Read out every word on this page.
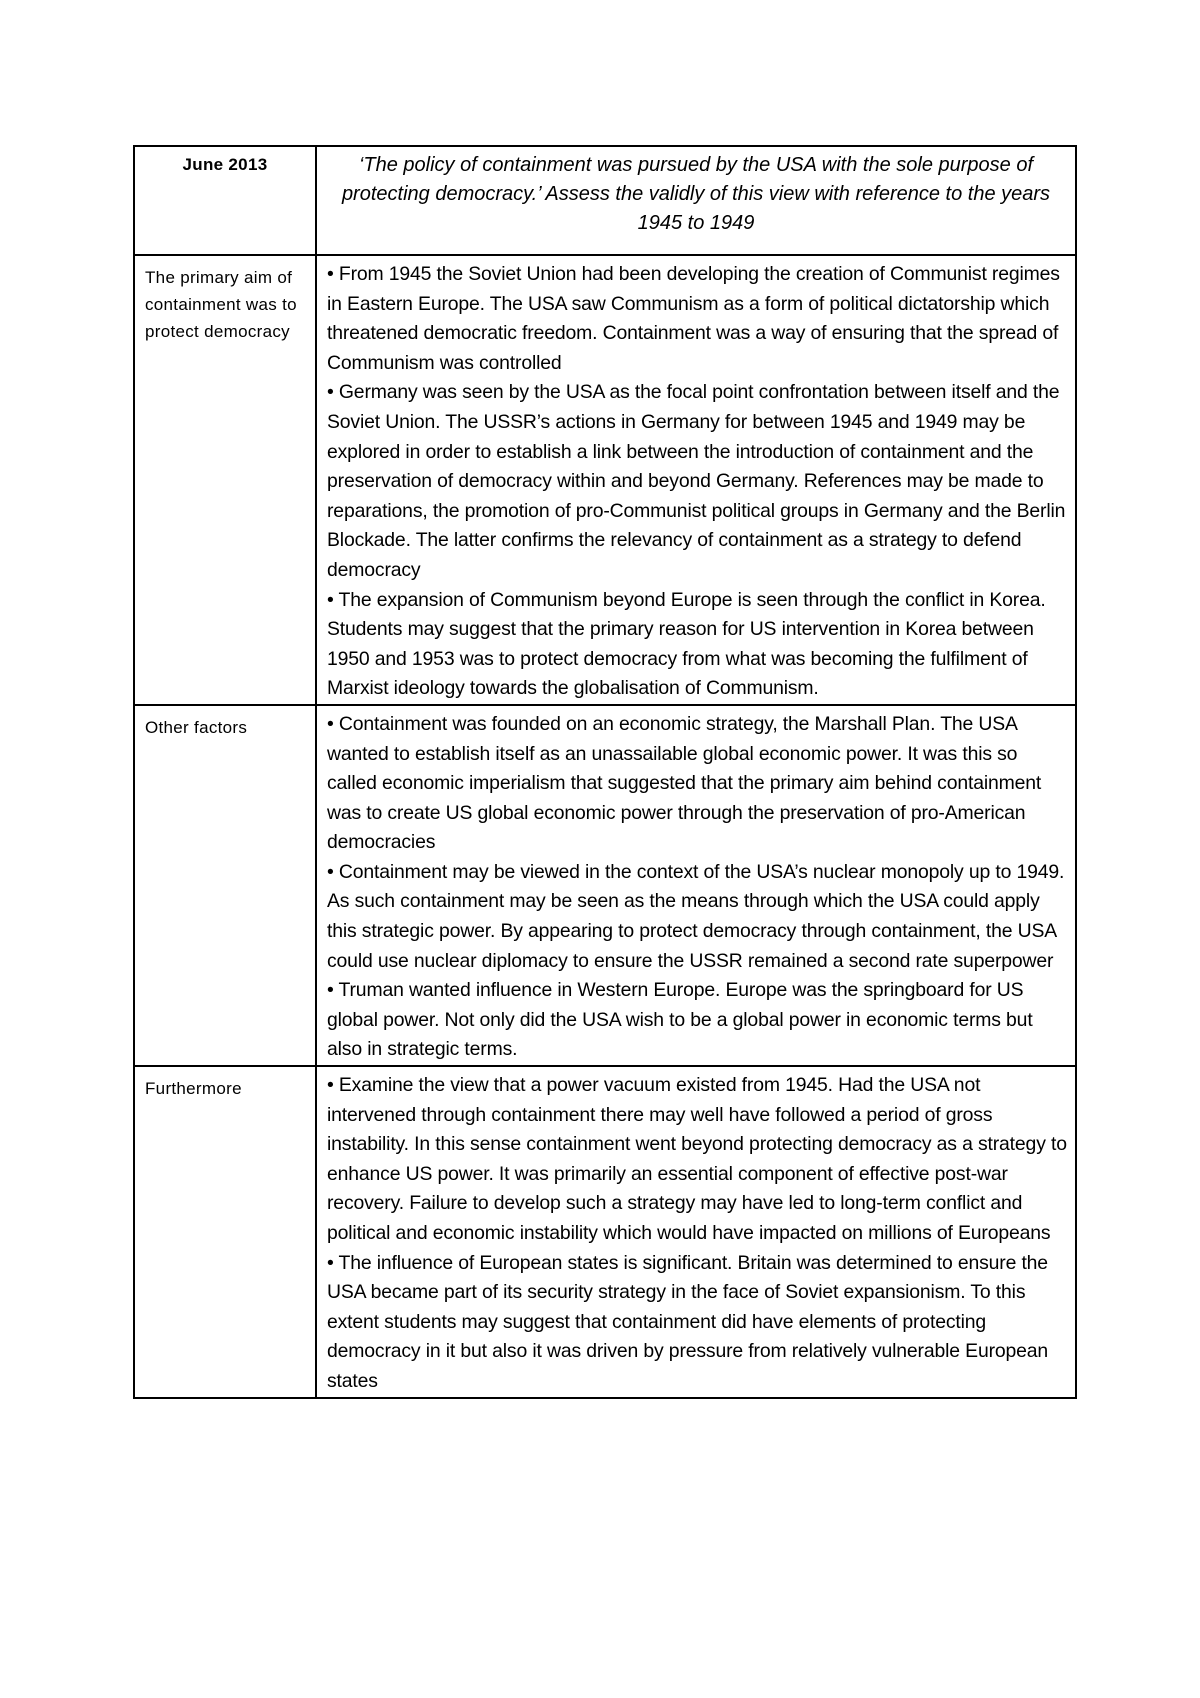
June 2013	‘The policy of containment was pursued by the USA with the sole purpose of protecting democracy.’ Assess the validly of this view with reference to the years 1945 to 1949
The primary aim of containment was to protect democracy	• From 1945 the Soviet Union had been developing the creation of Communist regimes in Eastern Europe. The USA saw Communism as a form of political dictatorship which threatened democratic freedom. Containment was a way of ensuring that the spread of Communism was controlled
• Germany was seen by the USA as the focal point confrontation between itself and the Soviet Union. The USSR’s actions in Germany for between 1945 and 1949 may be explored in order to establish a link between the introduction of containment and the preservation of democracy within and beyond Germany. References may be made to reparations, the promotion of pro-Communist political groups in Germany and the Berlin Blockade. The latter confirms the relevancy of containment as a strategy to defend democracy
• The expansion of Communism beyond Europe is seen through the conflict in Korea. Students may suggest that the primary reason for US intervention in Korea between 1950 and 1953 was to protect democracy from what was becoming the fulfilment of Marxist ideology towards the globalisation of Communism.

Other factors	• Containment was founded on an economic strategy, the Marshall Plan. The USA wanted to establish itself as an unassailable global economic power. It was this so called economic imperialism that suggested that the primary aim behind containment was to create US global economic power through the preservation of pro-American democracies
• Containment may be viewed in the context of the USA’s nuclear monopoly up to 1949. As such containment may be seen as the means through which the USA could apply this strategic power. By appearing to protect democracy through containment, the USA could use nuclear diplomacy to ensure the USSR remained a second rate superpower
• Truman wanted influence in Western Europe. Europe was the springboard for US global power. Not only did the USA wish to be a global power in economic terms but also in strategic terms.

Furthermore	• Examine the view that a power vacuum existed from 1945. Had the USA not intervened through containment there may well have followed a period of gross instability. In this sense containment went beyond protecting democracy as a strategy to enhance US power. It was primarily an essential component of effective post-war recovery. Failure to develop such a strategy may have led to long-term conflict and political and economic instability which would have impacted on millions of Europeans
• The influence of European states is significant. Britain was determined to ensure the USA became part of its security strategy in the face of Soviet expansionism. To this extent students may suggest that containment did have elements of protecting democracy in it but also it was driven by pressure from relatively vulnerable European states
